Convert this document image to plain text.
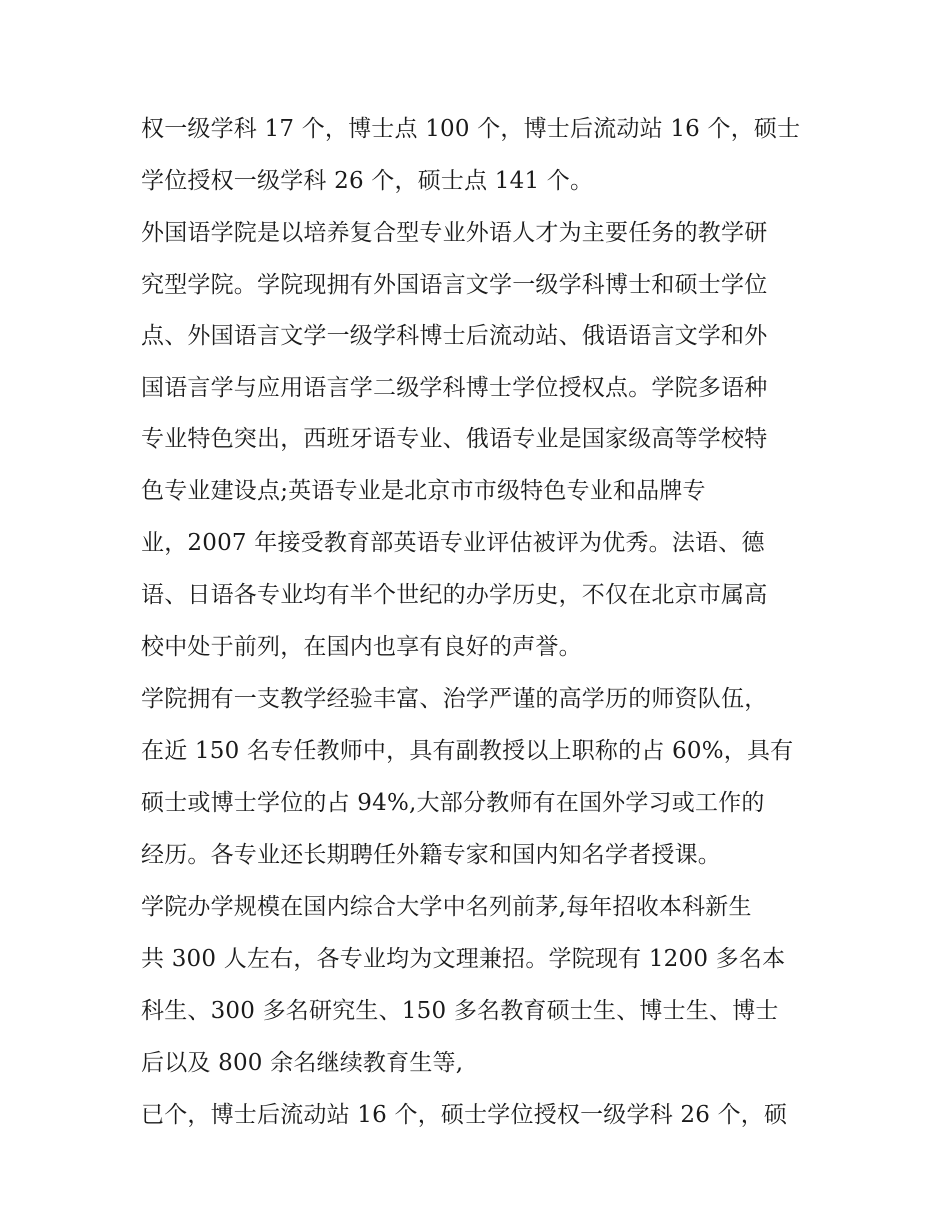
权一级学科 17 个，博士点 100 个，博士后流动站 16 个，硕士
学位授权一级学科 26 个，硕士点 141 个。
外国语学院是以培养复合型专业外语人才为主要任务的教学研
究型学院。学院现拥有外国语言文学一级学科博士和硕士学位
点、外国语言文学一级学科博士后流动站、俄语语言文学和外
国语言学与应用语言学二级学科博士学位授权点。学院多语种
专业特色突出，西班牙语专业、俄语专业是国家级高等学校特
色专业建设点;英语专业是北京市市级特色专业和品牌专
业，2007 年接受教育部英语专业评估被评为优秀。法语、德
语、日语各专业均有半个世纪的办学历史，不仅在北京市属高
校中处于前列，在国内也享有良好的声誉。
学院拥有一支教学经验丰富、治学严谨的高学历的师资队伍，
在近 150 名专任教师中，具有副教授以上职称的占 60%，具有
硕士或博士学位的占 94%,大部分教师有在国外学习或工作的
经历。各专业还长期聘任外籍专家和国内知名学者授课。
学院办学规模在国内综合大学中名列前茅,每年招收本科新生
共 300 人左右，各专业均为文理兼招。学院现有 1200 多名本
科生、300 多名研究生、150 多名教育硕士生、博士生、博士
后以及 800 余名继续教育生等,
已个，博士后流动站 16 个，硕士学位授权一级学科 26 个，硕
